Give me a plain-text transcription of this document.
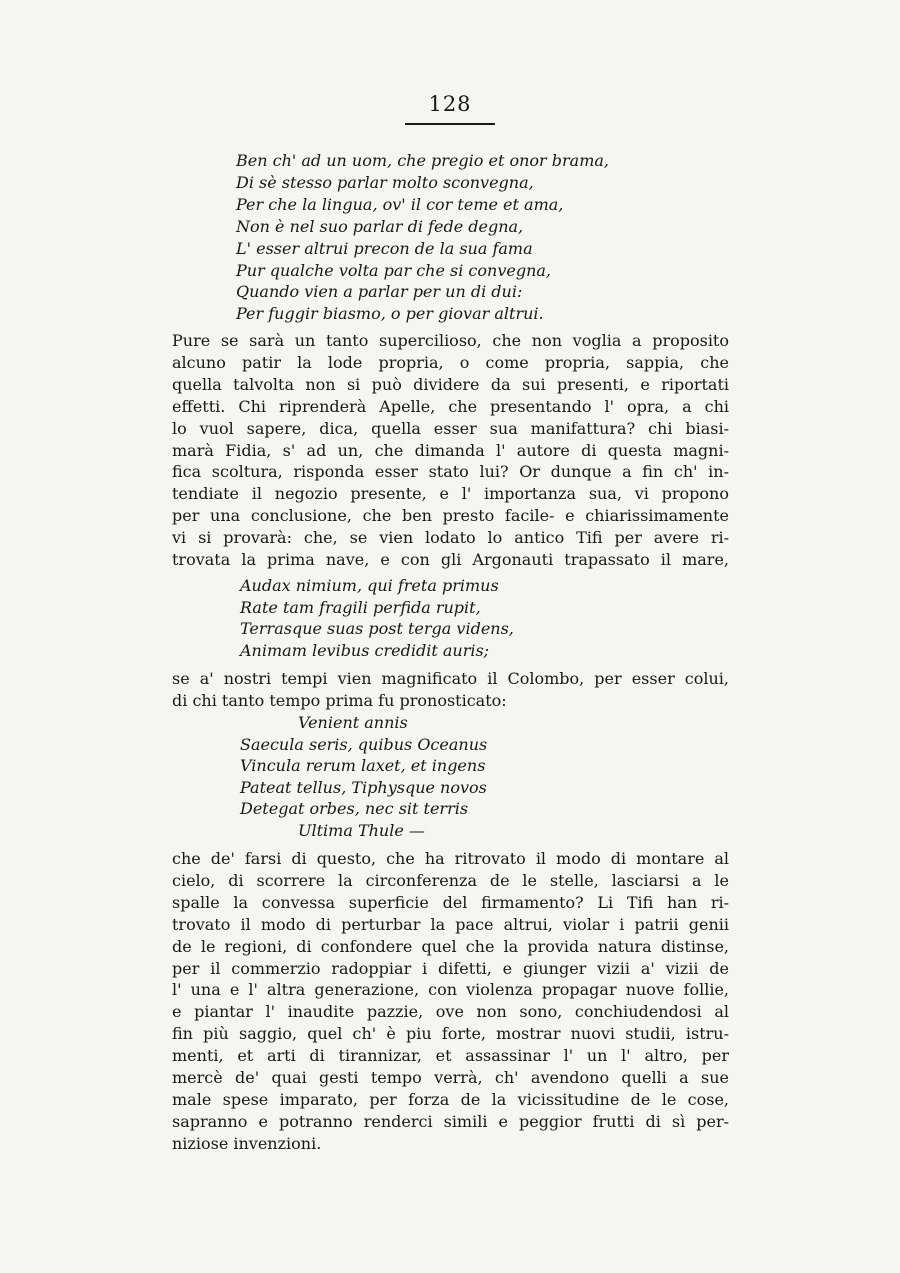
128
Ben ch' ad un uom, che pregio et onor brama,
Di sè stesso parlar molto sconvegna,
Per che la lingua, ov' il cor teme et ama,
Non è nel suo parlar di fede degna,
L' esser altrui precon de la sua fama
Pur qualche volta par che si convegna,
Quando vien a parlar per un di dui:
Per fuggir biasmo, o per giovar altrui.

Pure se sarà un tanto supercilioso, che non voglia a proposito

alcuno patir la lode propria, o come propria, sappia, che

quella talvolta non si può dividere da sui presenti, e riportati

effetti. Chi riprenderà Apelle, che presentando l' opra, a chi

lo vuol sapere, dica, quella esser sua manifattura? chi biasi-

marà Fidia, s' ad un, che dimanda l' autore di questa magni-

fica scoltura, risponda esser stato lui? Or dunque a fin ch' in-

tendiate il negozio presente, e l' importanza sua, vi propono

per una conclusione, che ben presto facile- e chiarissimamente

vi si provarà: che, se vien lodato lo antico Tifi per avere ri-

trovata la prima nave, e con gli Argonauti trapassato il mare,

Audax nimium, qui freta primus
Rate tam fragili perfida rupit,
Terrasque suas post terga videns,
Animam levibus credidit auris;

se a' nostri tempi vien magnificato il Colombo, per esser colui,

di chi tanto tempo prima fu pronosticato:

Venient annis
Saecula seris, quibus Oceanus
Vincula rerum laxet, et ingens
Pateat tellus, Tiphysque novos
Detegat orbes, nec sit terris
Ultima Thule —

che de' farsi di questo, che ha ritrovato il modo di montare al

cielo, di scorrere la circonferenza de le stelle, lasciarsi a le

spalle la convessa superficie del firmamento? Li Tifi han ri-

trovato il modo di perturbar la pace altrui, violar i patrii genii

de le regioni, di confondere quel che la provida natura distinse,

per il commerzio radoppiar i difetti, e giunger vizii a' vizii de

l' una e l' altra generazione, con violenza propagar nuove follie,

e piantar l' inaudite pazzie, ove non sono, conchiudendosi al

fin più saggio, quel ch' è piu forte, mostrar nuovi studii, istru-

menti, et arti di tirannizar, et assassinar l' un l' altro, per

mercè de' quai gesti tempo verrà, ch' avendono quelli a sue

male spese imparato, per forza de la vicissitudine de le cose,

sapranno e potranno renderci simili e peggior frutti di sì per-

niziose invenzioni.
